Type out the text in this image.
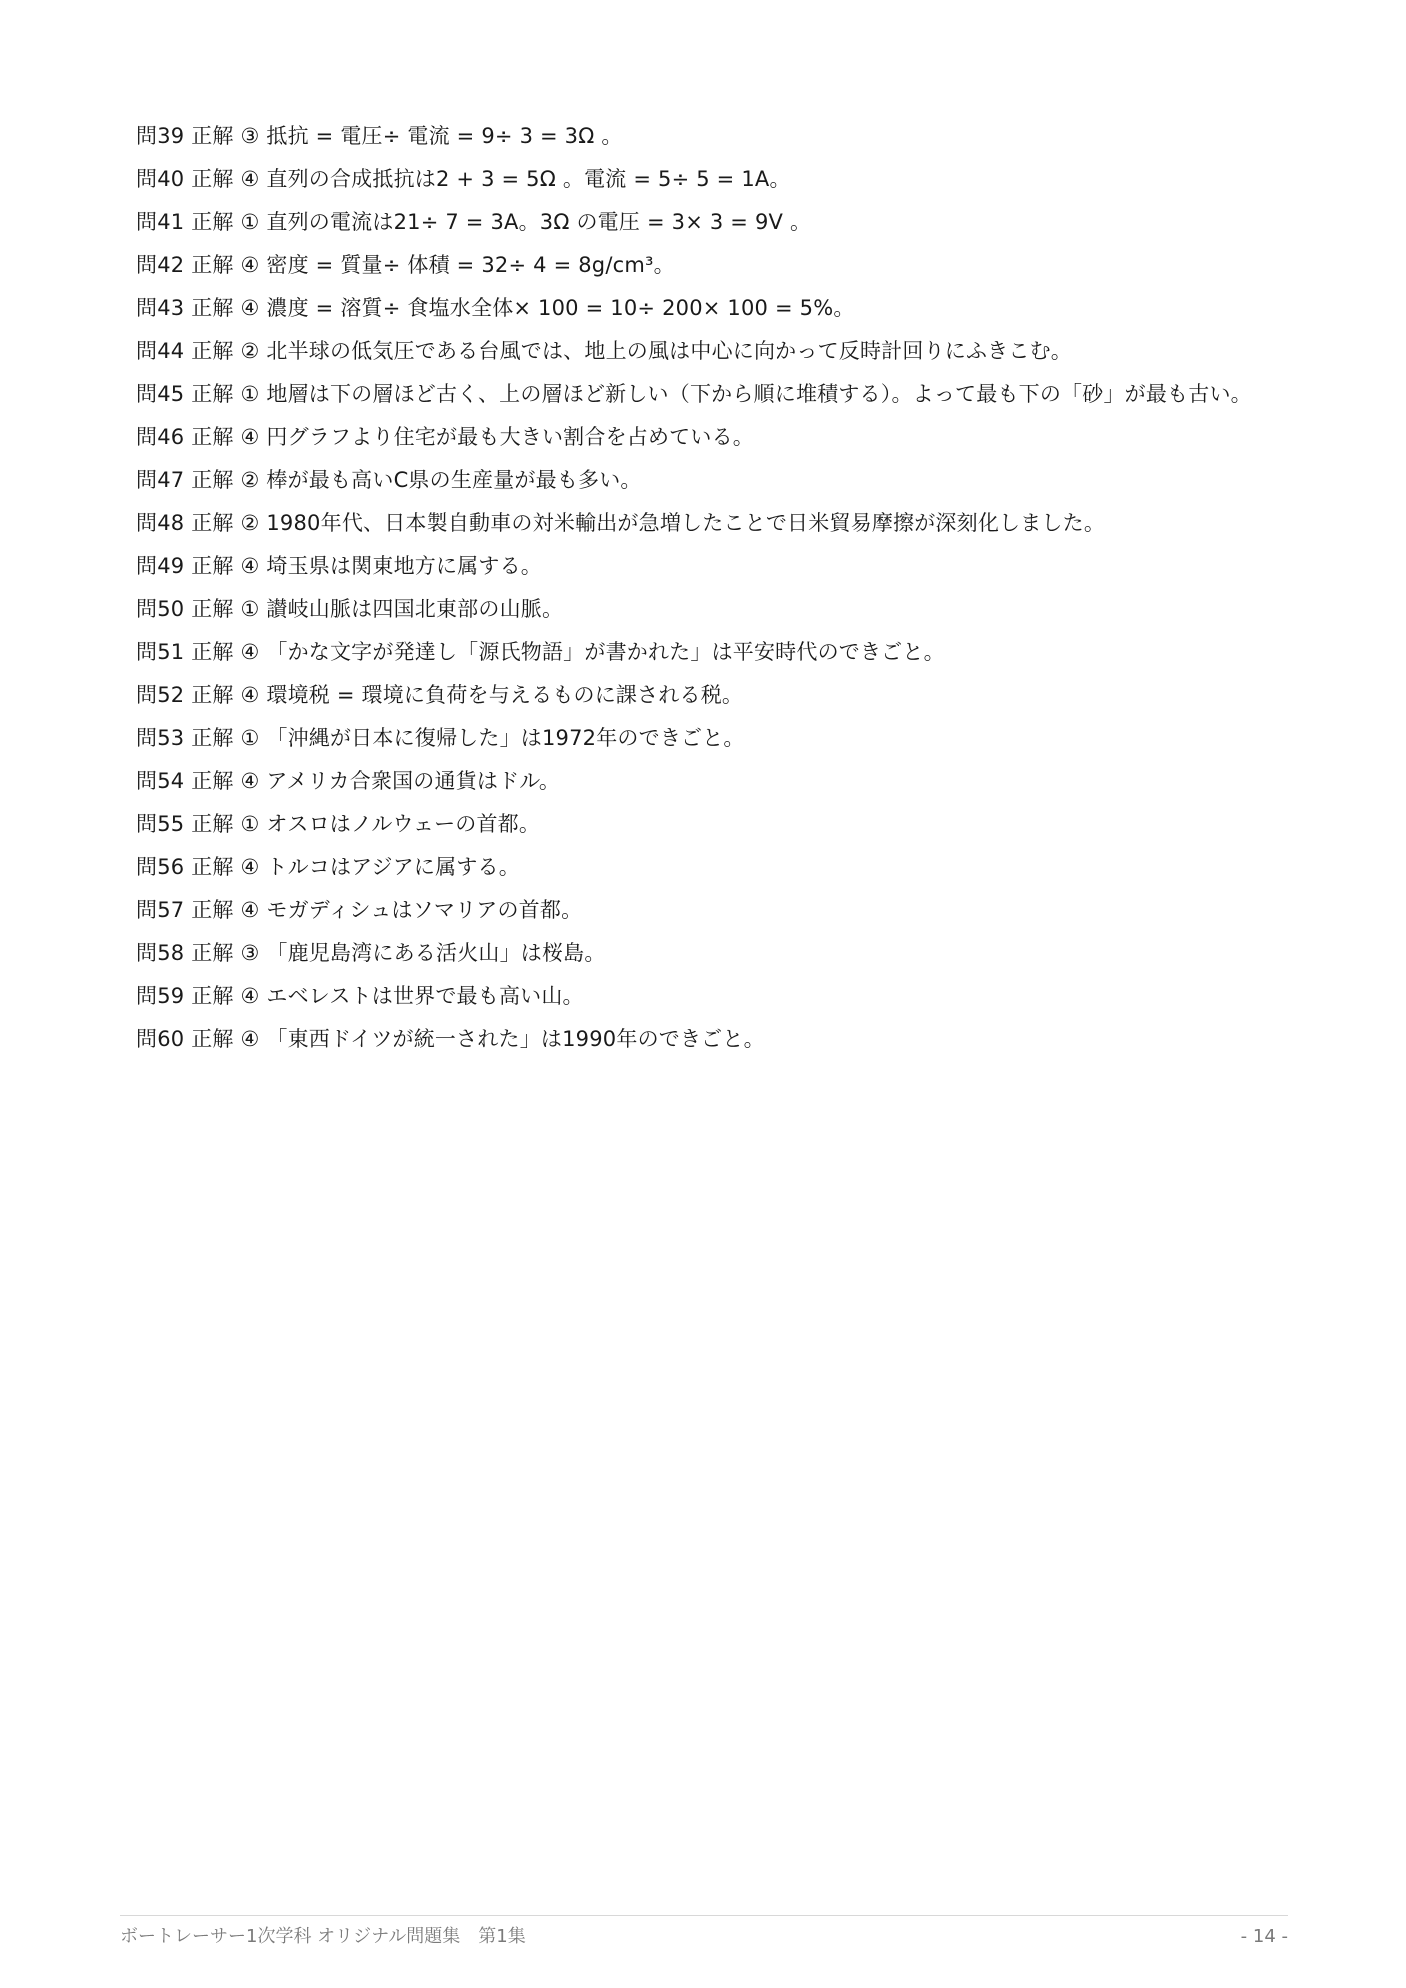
問39 正解 ③ 抵抗 = 電圧÷ 電流 = 9÷ 3 = 3Ω 。
問40 正解 ④ 直列の合成抵抗は2 + 3 = 5Ω 。電流 = 5÷ 5 = 1A。
問41 正解 ① 直列の電流は21÷ 7 = 3A。3Ω の電圧 = 3× 3 = 9V 。
問42 正解 ④ 密度 = 質量÷ 体積 = 32÷ 4 = 8g/cm³。
問43 正解 ④ 濃度 = 溶質÷ 食塩水全体× 100 = 10÷ 200× 100 = 5%。
問44 正解 ② 北半球の低気圧である台風では、地上の風は中心に向かって反時計回りにふきこむ。
問45 正解 ① 地層は下の層ほど古く、上の層ほど新しい（下から順に堆積する）。よって最も下の「砂」が最も古い。
問46 正解 ④ 円グラフより住宅が最も大きい割合を占めている。
問47 正解 ② 棒が最も高いC県の生産量が最も多い。
問48 正解 ② 1980年代、日本製自動車の対米輸出が急増したことで日米貿易摩擦が深刻化しました。
問49 正解 ④ 埼玉県は関東地方に属する。
問50 正解 ① 讃岐山脈は四国北東部の山脈。
問51 正解 ④ 「かな文字が発達し「源氏物語」が書かれた」は平安時代のできごと。
問52 正解 ④ 環境税 = 環境に負荷を与えるものに課される税。
問53 正解 ① 「沖縄が日本に復帰した」は1972年のできごと。
問54 正解 ④ アメリカ合衆国の通貨はドル。
問55 正解 ① オスロはノルウェーの首都。
問56 正解 ④ トルコはアジアに属する。
問57 正解 ④ モガディシュはソマリアの首都。
問58 正解 ③ 「鹿児島湾にある活火山」は桜島。
問59 正解 ④ エベレストは世界で最も高い山。
問60 正解 ④ 「東西ドイツが統一された」は1990年のできごと。
ボートレーサー1次学科 オリジナル問題集　第1集	- 14 -
